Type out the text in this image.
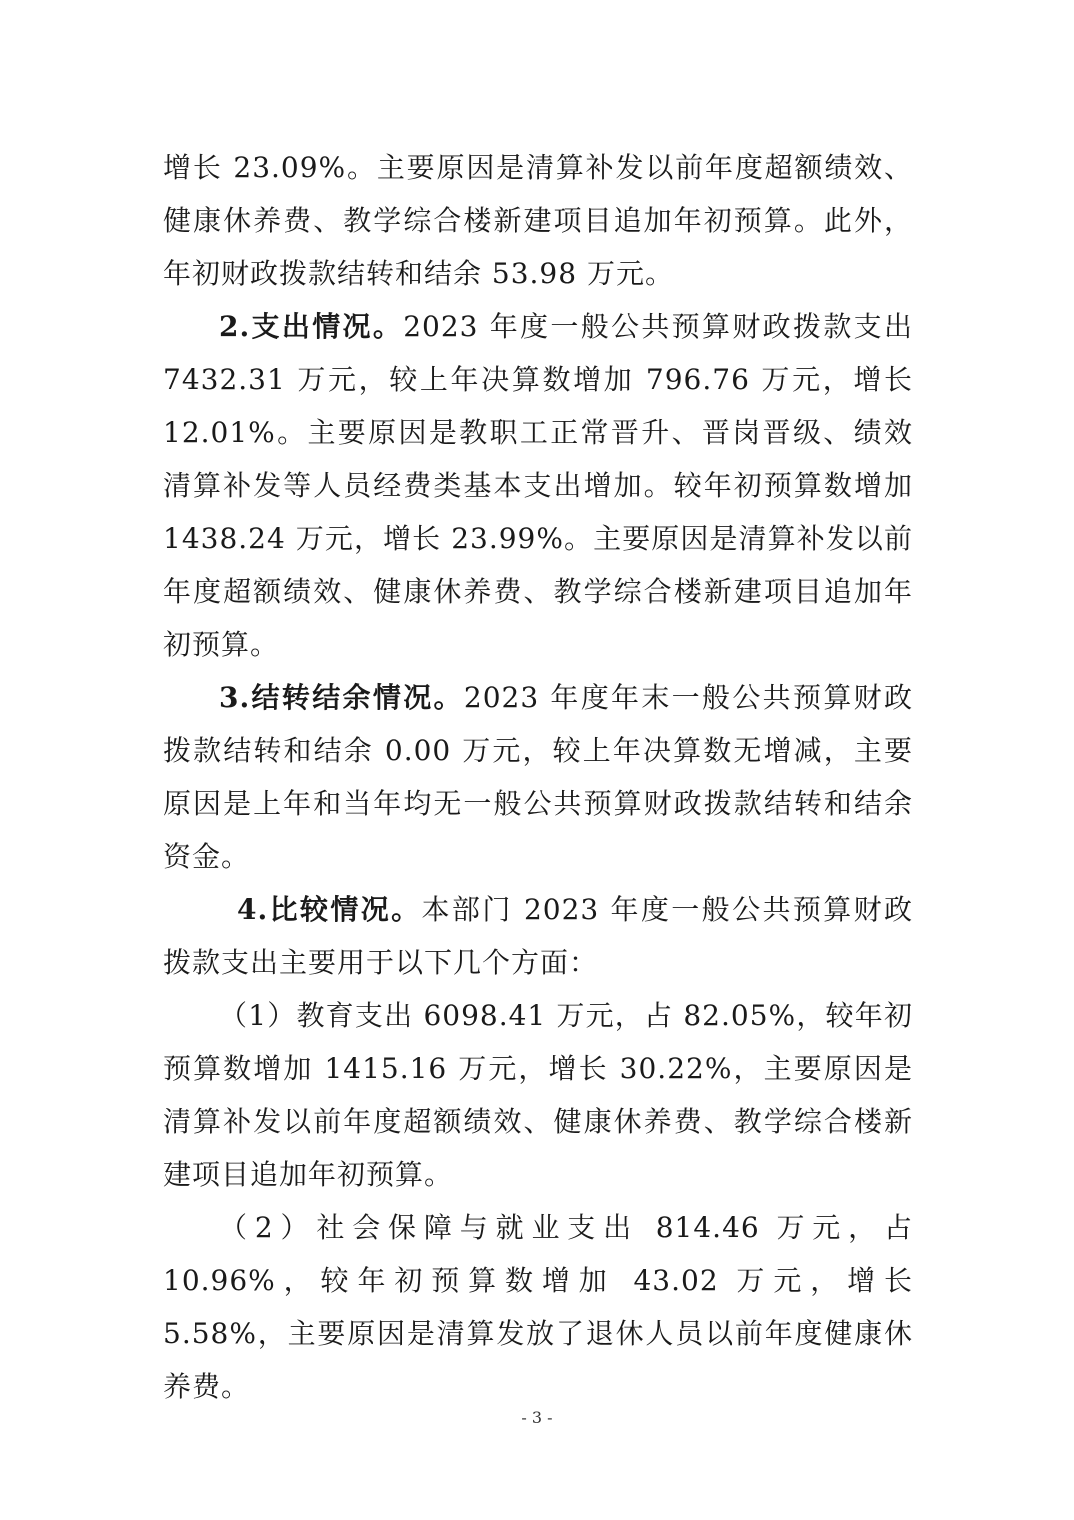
增长 23.09%。主要原因是清算补发以前年度超额绩效、健康休养费、教学综合楼新建项目追加年初预算。此外，年初财政拨款结转和结余 53.98 万元。

2.支出情况。2023 年度一般公共预算财政拨款支出 7432.31 万元，较上年决算数增加 796.76 万元，增长 12.01%。主要原因是教职工正常晋升、晋岗晋级、绩效清算补发等人员经费类基本支出增加。较年初预算数增加 1438.24 万元，增长 23.99%。主要原因是清算补发以前年度超额绩效、健康休养费、教学综合楼新建项目追加年初预算。

3.结转结余情况。2023 年度年末一般公共预算财政拨款结转和结余 0.00 万元，较上年决算数无增减，主要原因是上年和当年均无一般公共预算财政拨款结转和结余资金。

4.比较情况。本部门 2023 年度一般公共预算财政拨款支出主要用于以下几个方面：

（1）教育支出 6098.41 万元，占 82.05%，较年初预算数增加 1415.16 万元，增长 30.22%，主要原因是清算补发以前年度超额绩效、健康休养费、教学综合楼新建项目追加年初预算。

（2）社会保障与就业支出 814.46 万元，占 10.96%，较年初预算数增加 43.02 万元，增长 5.58%，主要原因是清算发放了退休人员以前年度健康休养费。

- 3 -
